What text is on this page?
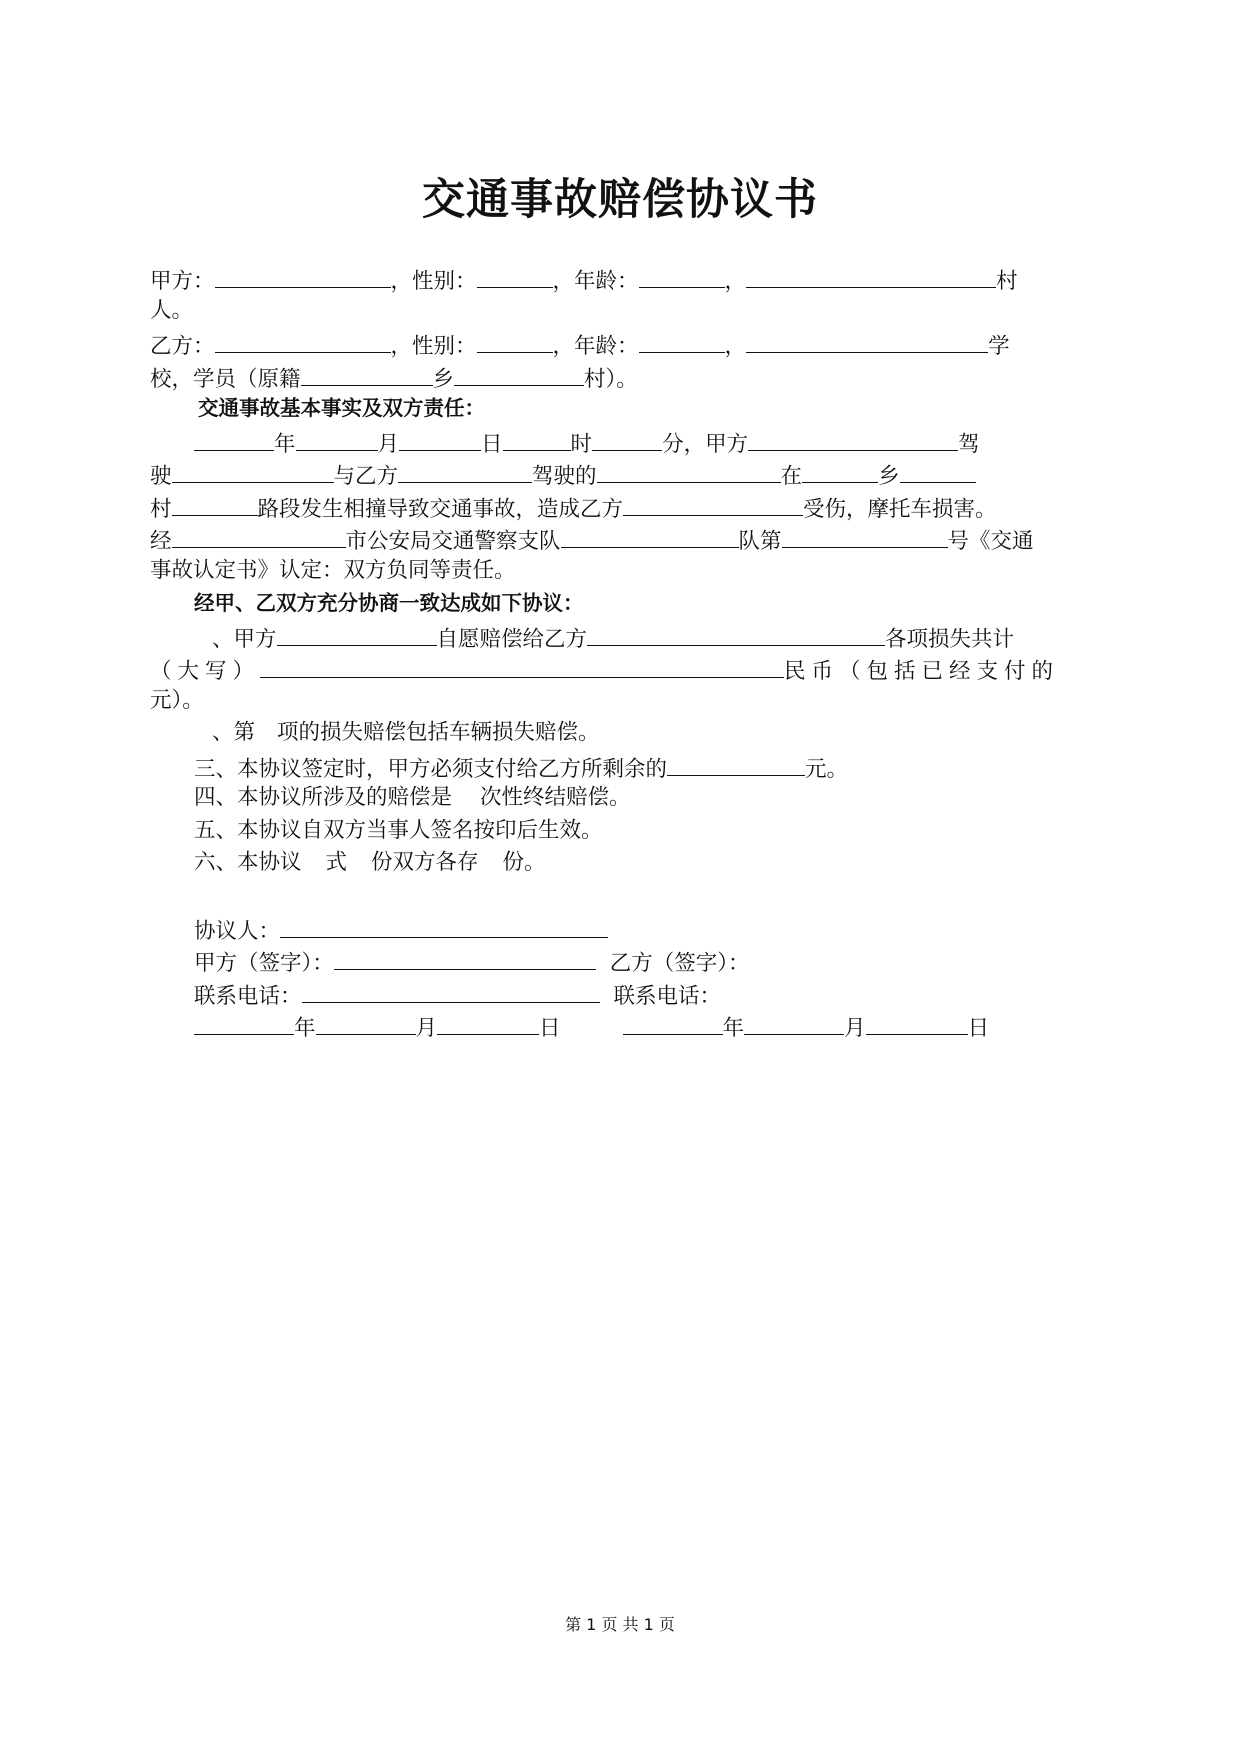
交通事故赔偿协议书
甲方：	，性别：	，年龄：	，	村
人。
乙方：	，性别：	，年龄：	，	学
校，学员（原籍	乡	村）。
交通事故基本事实及双方责任：
年	月	日	时	分，甲方	驾
驶	与乙方	驾驶的	在	乡
村	路段发生相撞导致交通事故，造成乙方	受伤，摩托车损害。
经	市公安局交通警察支队	队第	号《交通
事故认定书》认定：双方负同等责任。
经甲、乙双方充分协商一致达成如下协议：
、甲方	自愿赔偿给乙方	各项损失共计
（大写）	民币（包括已经支付的
元）。
、第 项的损失赔偿包括车辆损失赔偿。
三、本协议签定时，甲方必须支付给乙方所剩余的	元。
四、本协议所涉及的赔偿是 次性终结赔偿。
五、本协议自双方当事人签名按印后生效。
六、本协议 式 份双方各存 份。
协议人：
甲方（签字）：	乙方（签字）：
联系电话：	联系电话：
年	月	日	年	月	日
第 1 页 共 1 页
